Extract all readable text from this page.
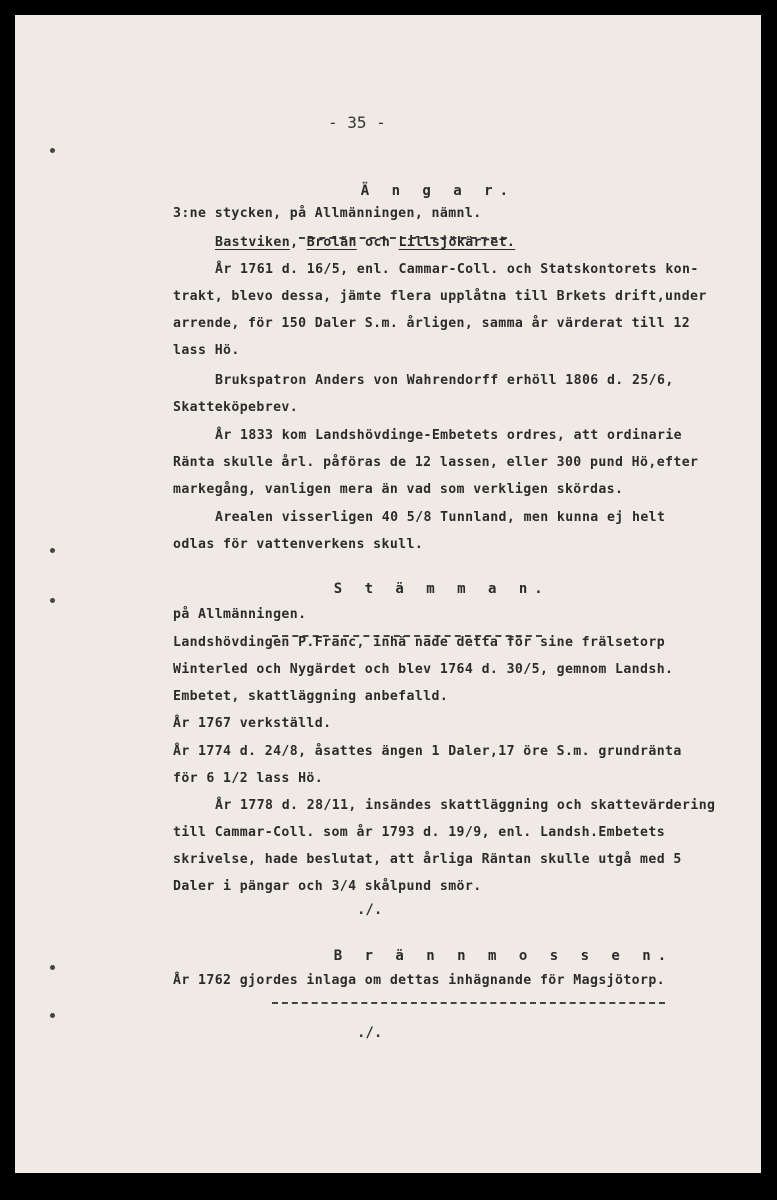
- 35 -

Ä n g a r.

3:ne stycken, på Allmänningen, nämnl.
Bastviken, Brolän och Lillsjökärret.
År 1761 d. 16/5, enl. Cammar-Coll. och Statskontorets kon-
trakt, blevo dessa, jämte flera upplåtna till Brkets drift,under
arrende, för 150 Daler S.m. årligen, samma år värderat till 12
lass Hö.
Brukspatron Anders von Wahrendorff erhöll 1806 d. 25/6,
Skatteköpebrev.
År 1833 kom Landshövdinge-Embetets ordres, att ordinarie
Ränta skulle årl. påföras de 12 lassen, eller 300 pund Hö,efter
markegång, vanligen mera än vad som verkligen skördas.
Arealen visserligen 40 5/8 Tunnland, men kunna ej helt
odlas för vattenverkens skull.

S t ä m m a n.

på Allmänningen.
Landshövdingen P.Franc, inhä nade detta för sine frälsetorp
Winterled och Nygärdet och blev 1764 d. 30/5, gemnom Landsh.
Embetet, skattläggning anbefalld.
År 1767 verkställd.
År 1774 d. 24/8, åsattes ängen 1 Daler,17 öre S.m. grundränta
för 6 1/2 lass Hö.
År 1778 d. 28/11, insändes skattläggning och skattevärdering
till Cammar-Coll. som år 1793 d. 19/9, enl. Landsh.Embetets
skrivelse, hade beslutat, att årliga Räntan skulle utgå med 5
Daler i pängar och 3/4 skålpund smör.
./.

B r ä n n m o s s e n.

År 1762 gjordes inlaga om dettas inhägnande för Magsjötorp.
./.
